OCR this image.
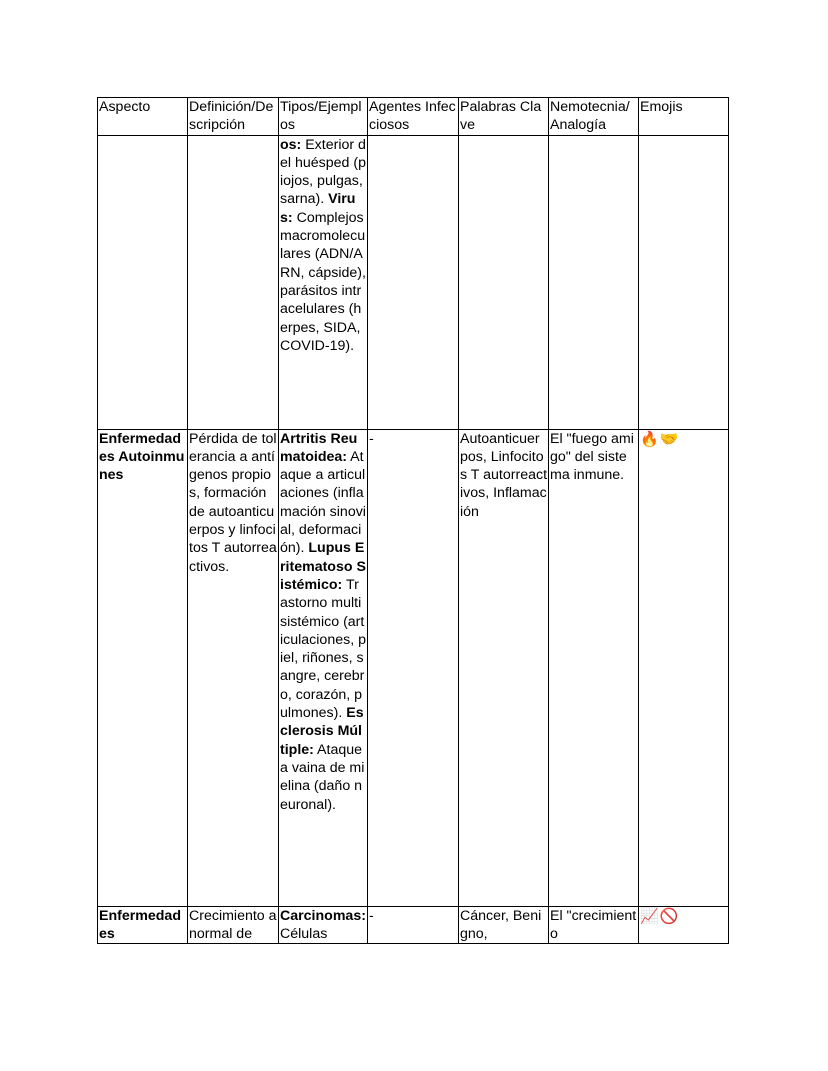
Aspecto	Definición/Descripción	Tipos/Ejemplos	Agentes Infecciosos	Palabras Clave	Nemotecnia/Analogía	Emojis
		os: Exterior del huésped (piojos, pulgas, sarna). Virus: Complejos macromoleculares (ADN/ARN, cápside), parásitos intracelulares (herpes, SIDA, COVID-19).				
Enfermedades Autoinmunes	Pérdida de tolerancia a antígenos propios, formación de autoanticuerpos y linfocitos T autorreactivos.	Artritis Reumatoidea: Ataque a articulaciones (inflamación sinovial, deformación). Lupus Eritematoso Sistémico: Trastorno multisistémico (articulaciones, piel, riñones, sangre, cerebro, corazón, pulmones). Esclerosis Múltiple: Ataque a vaina de mielina (daño neuronal).	-	Autoanticuerpos, Linfocitos T autorreactivos, Inflamación	El "fuego amigo" del sistema inmune.	🔥🤝
Enfermedades	Crecimiento anormal de	Carcinomas: Células	-	Cáncer, Benigno,	El "crecimiento	📈🚫
